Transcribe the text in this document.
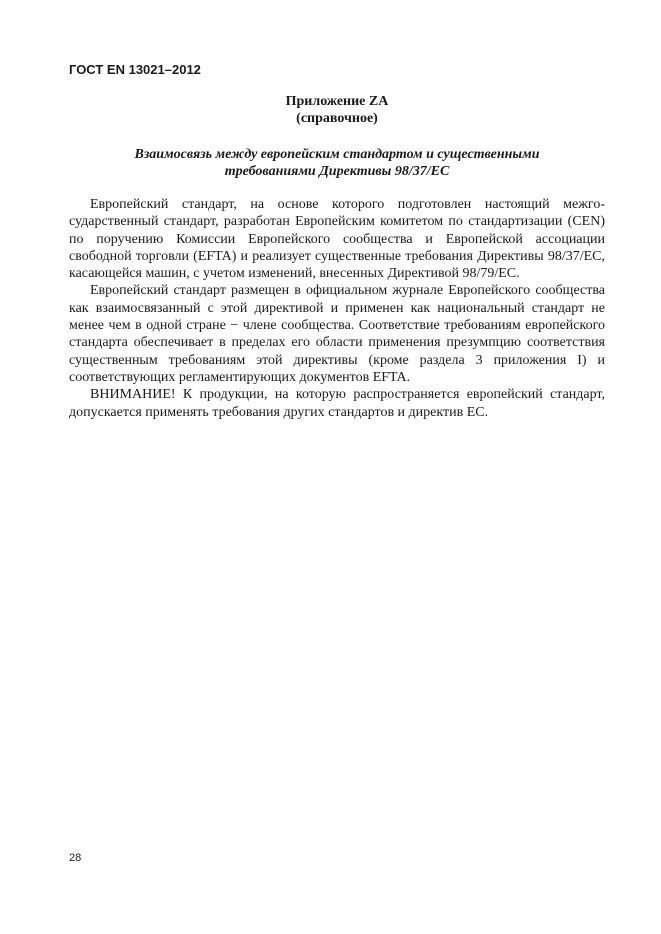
ГОСТ EN 13021–2012
Приложение ZA
(справочное)
Взаимосвязь между европейским стандартом и существенными
требованиями Директивы 98/37/ЕС

Европейский стандарт, на основе которого подготовлен настоящий межгосударственный стандарт, разработан Европейским комитетом по стандартизации (CEN) по поручению Комиссии Европейского сообщества и Европейской ассоциации свободной торговли (EFTA) и реализует существенные требования Директивы 98/37/ЕС, касающейся машин, с учетом изменений, внесенных Директивой 98/79/ЕС.

Европейский стандарт размещен в официальном журнале Европейского сообщества как взаимосвязанный с этой директивой и применен как национальный стандарт не менее чем в одной стране − члене сообщества. Соответствие требованиям европейского стандарта обеспечивает в пределах его области применения презумпцию соответствия существенным требованиям этой директивы (кроме раздела 3 приложения I) и соответствующих регламентирующих документов EFTA.

ВНИМАНИЕ! К продукции, на которую распространяется европейский стандарт, допускается применять требования других стандартов и директив ЕС.

28
